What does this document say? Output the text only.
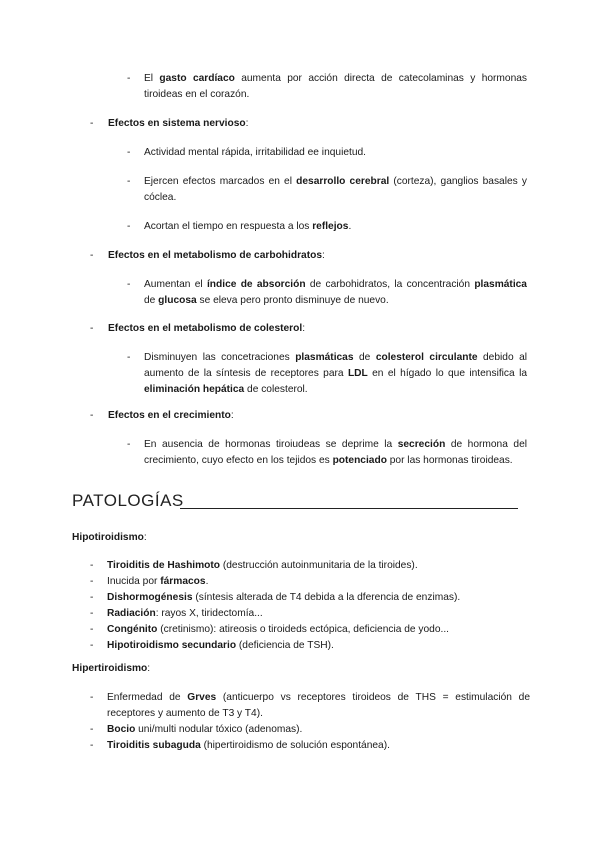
-	El gasto cardíaco aumenta por acción directa de catecolaminas y hormonas tiroideas en el corazón.
-	Efectos en sistema nervioso:
-	Actividad mental rápida, irritabilidad ee inquietud.
-	Ejercen efectos marcados en el desarrollo cerebral (corteza), ganglios basales y cóclea.
-	Acortan el tiempo en respuesta a los reflejos.
-	Efectos en el metabolismo de carbohidratos:
-	Aumentan el índice de absorción de carbohidratos, la concentración plasmática de glucosa se eleva pero pronto disminuye de nuevo.
-	Efectos en el metabolismo de colesterol:
-	Disminuyen las concetraciones plasmáticas de colesterol circulante debido al aumento de la síntesis de receptores para LDL en el hígado lo que intensifica la eliminación hepática de colesterol.
-	Efectos en el crecimiento:
-	En ausencia de hormonas tiroiudeas se deprime la secreción de hormona del crecimiento, cuyo efecto en los tejidos es potenciado por las hormonas tiroideas.
PATOLOGÍAS
Hipotiroidismo:
-	Tiroiditis de Hashimoto (destrucción autoinmunitaria de la tiroides).
-	Inucida por fármacos.
-	Dishormogénesis (síntesis alterada de T4 debida a la dferencia de enzimas).
-	Radiación: rayos X, tiridectomía...
-	Congénito (cretinismo): atireosis o tiroideds ectópica, deficiencia de yodo...
-	Hipotiroidismo secundario (deficiencia de TSH).
Hipertiroidismo:
-	Enfermedad de Grves (anticuerpo vs receptores tiroideos de THS = estimulación de receptores y aumento de T3 y T4).
-	Bocio uni/multi nodular tóxico (adenomas).
-	Tiroiditis subaguda (hipertiroidismo de solución espontánea).
